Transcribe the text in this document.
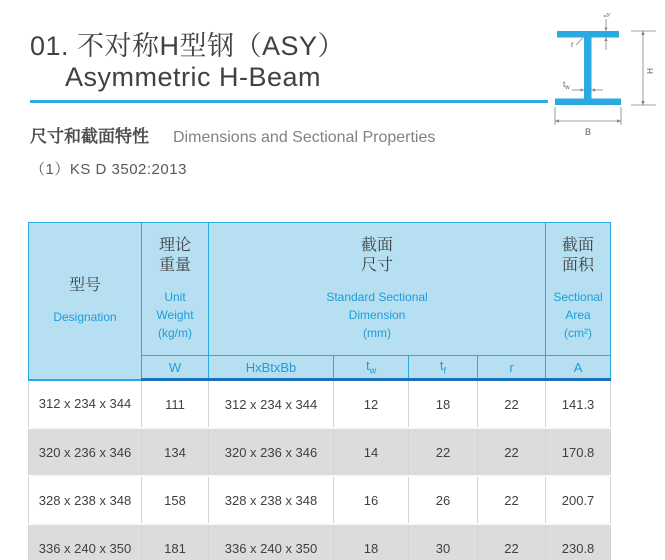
01. 不对称H型钢（ASY）
Asymmetric H-Beam
尺寸和截面特性 Dimensions and Sectional Properties
（1）KS D 3502:2013
$t_f$
r
H
$t_w$
B
型号
Designation

理论
重量
Unit
Weight
(kg/m)

截面
尺寸
Standard Sectional
Dimension
(mm)

截面
面积
Sectional
Area
(cm²)

	W	HxBtxBb	$t_w$	$t_f$	r	A
312 x 234 x 344	111	312 x 234 x 344	12	18	22	141.3
320 x 236 x 346	134	320 x 236 x 346	14	22	22	170.8
328 x 238 x 348	158	328 x 238 x 348	16	26	22	200.7
336 x 240 x 350	181	336 x 240 x 350	18	30	22	230.8
